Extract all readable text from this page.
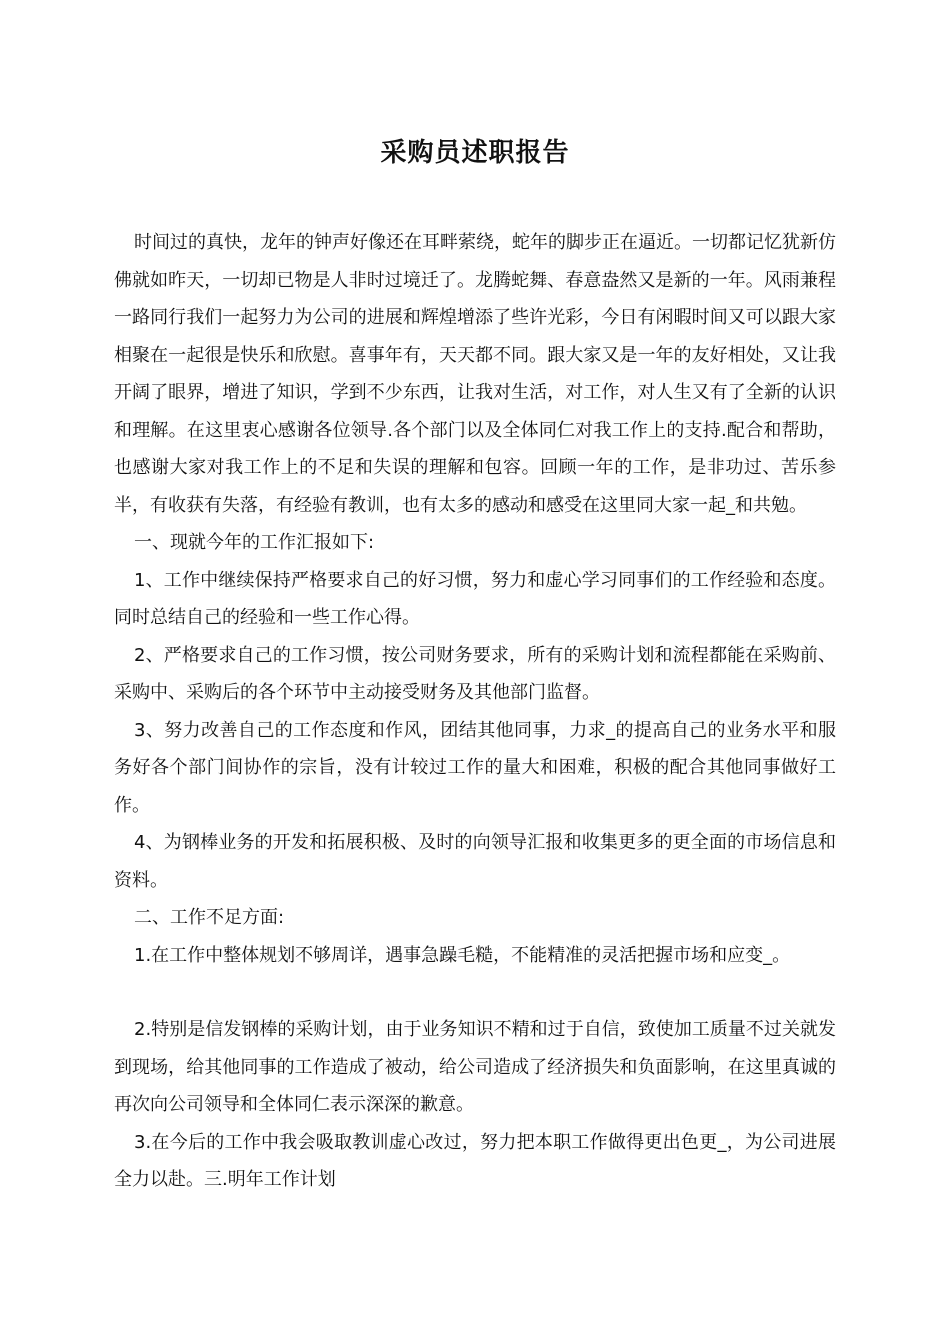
采购员述职报告

时间过的真快，龙年的钟声好像还在耳畔萦绕，蛇年的脚步正在逼近。一切都记忆犹新仿佛就如昨天，一切却已物是人非时过境迁了。龙腾蛇舞、春意盎然又是新的一年。风雨兼程一路同行我们一起努力为公司的进展和辉煌增添了些许光彩，今日有闲暇时间又可以跟大家相聚在一起很是快乐和欣慰。喜事年有，天天都不同。跟大家又是一年的友好相处，又让我开阔了眼界，增进了知识，学到不少东西，让我对生活，对工作，对人生又有了全新的认识和理解。在这里衷心感谢各位领导.各个部门以及全体同仁对我工作上的支持.配合和帮助，也感谢大家对我工作上的不足和失误的理解和包容。回顾一年的工作，是非功过、苦乐参半，有收获有失落，有经验有教训，也有太多的感动和感受在这里同大家一起_和共勉。

一、现就今年的工作汇报如下:

1、工作中继续保持严格要求自己的好习惯，努力和虚心学习同事们的工作经验和态度。同时总结自己的经验和一些工作心得。

2、严格要求自己的工作习惯，按公司财务要求，所有的采购计划和流程都能在采购前、采购中、采购后的各个环节中主动接受财务及其他部门监督。

3、努力改善自己的工作态度和作风，团结其他同事，力求_的提高自己的业务水平和服务好各个部门间协作的宗旨，没有计较过工作的量大和困难，积极的配合其他同事做好工作。

4、为钢棒业务的开发和拓展积极、及时的向领导汇报和收集更多的更全面的市场信息和资料。

二、工作不足方面:

1.在工作中整体规划不够周详，遇事急躁毛糙，不能精准的灵活把握市场和应变_。

2.特别是信发钢棒的采购计划，由于业务知识不精和过于自信，致使加工质量不过关就发到现场，给其他同事的工作造成了被动，给公司造成了经济损失和负面影响，在这里真诚的再次向公司领导和全体同仁表示深深的歉意。

3.在今后的工作中我会吸取教训虚心改过，努力把本职工作做得更出色更_，为公司进展全力以赴。三.明年工作计划
